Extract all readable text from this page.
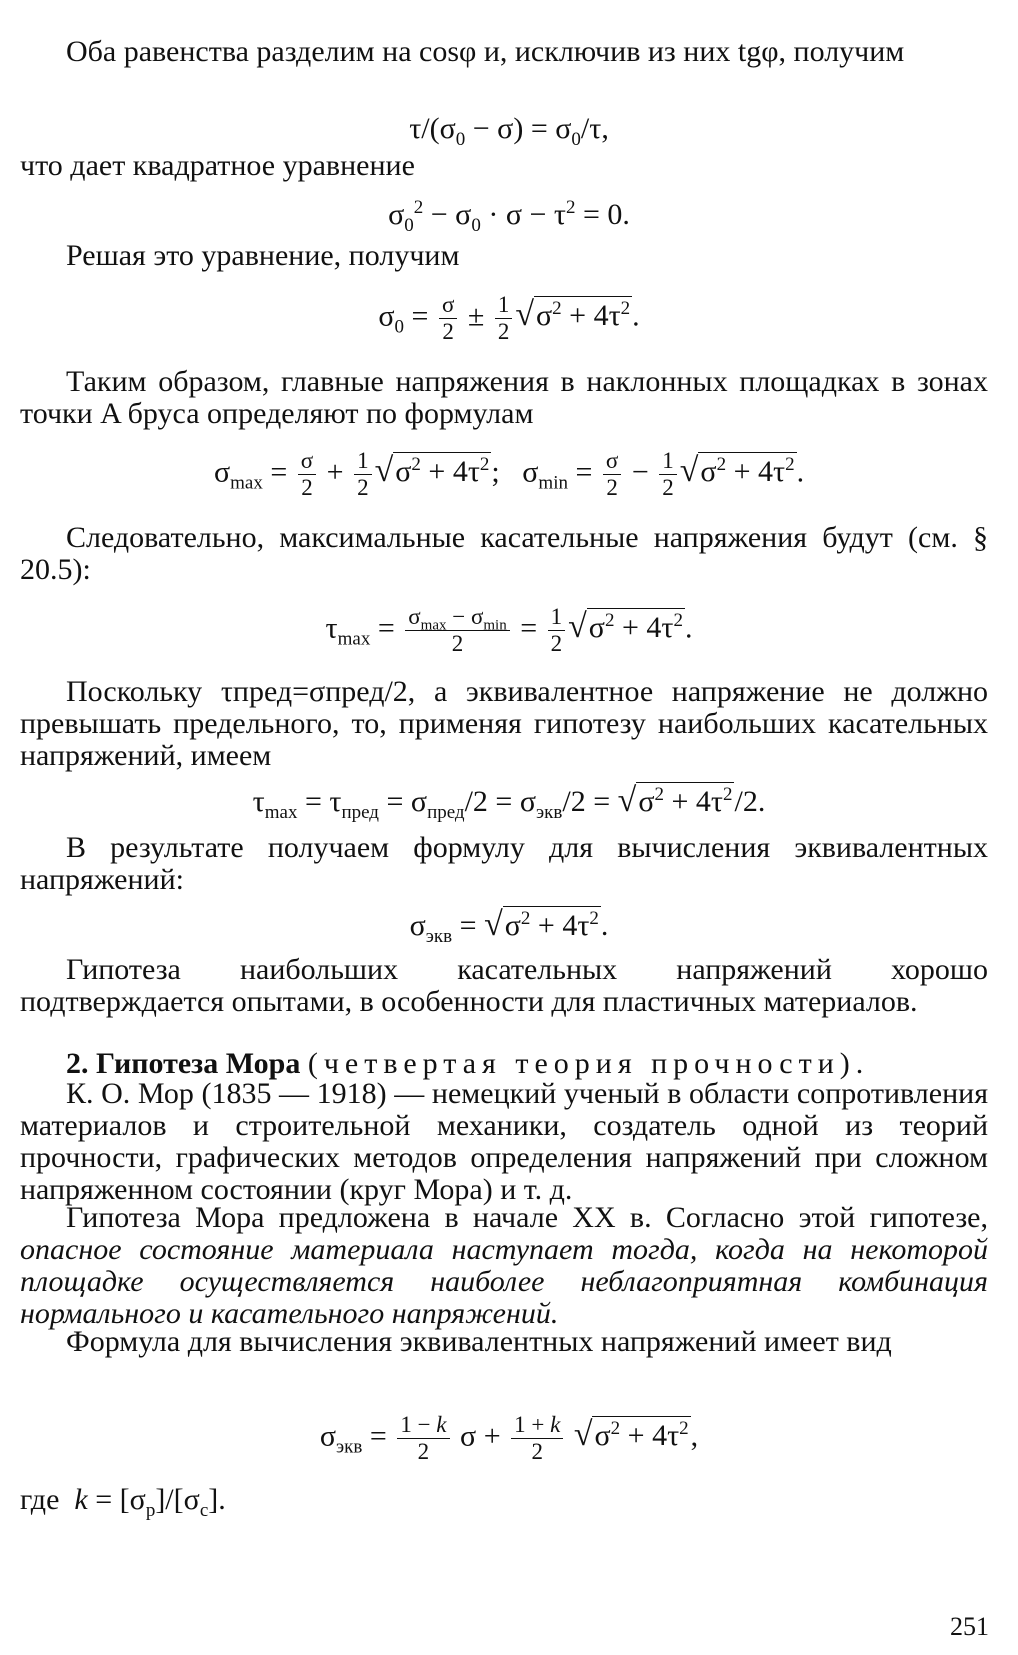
Оба равенства разделим на cosφ и, исключив из них tgφ, получим
$\tau/(\sigma_0 - \sigma) = \sigma_0/\tau$,
что дает квадратное уравнение
$\sigma_0^2 - \sigma_0 \cdot \sigma - \tau^2 = 0$.
Решая это уравнение, получим
$\sigma_0 = \frac{\sigma}{2} \pm \frac{1}{2} √\sigma^2 + 4\tau^2$.
Таким образом, главные напряжения в наклонных площадках в зонах точки A бруса определяют по формулам
$\sigma_{max} = \frac{\sigma}{2} + \frac{1}{2} √\sigma^2 + 4\tau^2$;   $\sigma_{min} = \frac{\sigma}{2} - \frac{1}{2} √\sigma^2 + 4\tau^2$.
Следовательно, максимальные касательные напряжения будут (см. § 20.5):
$\tau_{max} = \frac{\sigma_{max} - \sigma_{min}}{2} = \frac{1}{2} √\sigma^2 + 4\tau^2$.
Поскольку τпред=σпред/2, а эквивалентное напряжение не должно превышать предельного, то, применяя гипотезу наибольших касательных напряжений, имеем
$\tau_{max} = \tau_{пред} = \sigma_{пред}/2 = \sigma_{экв}/2 = √\sigma^2 + 4\tau^2/2$.
В результате получаем формулу для вычисления эквивалентных напряжений:
$\sigma_{экв} = √\sigma^2 + 4\tau^2$.
Гипотеза наибольших касательных напряжений хорошо подтверждается опытами, в особенности для пластичных материалов.
2. Гипотеза Мора (четвертая теория прочности).
К. О. Мор (1835 — 1918) — немецкий ученый в области сопротивления материалов и строительной механики, создатель одной из теорий прочности, графических методов определения напряжений при сложном напряженном состоянии (круг Мора) и т. д.
Гипотеза Мора предложена в начале XX в. Согласно этой гипотезе, опасное состояние материала наступает тогда, когда на некоторой площадке осуществляется наиболее неблагоприятная комбинация нормального и касательного напряжений.
Формула для вычисления эквивалентных напряжений имеет вид
$\sigma_{экв} = \frac{1 - k}{2}$ $\sigma + \frac{1 + k}{2} √\sigma^2 + 4\tau^2$,
где $k = [\sigma_р]/[\sigma_с]$.
251
